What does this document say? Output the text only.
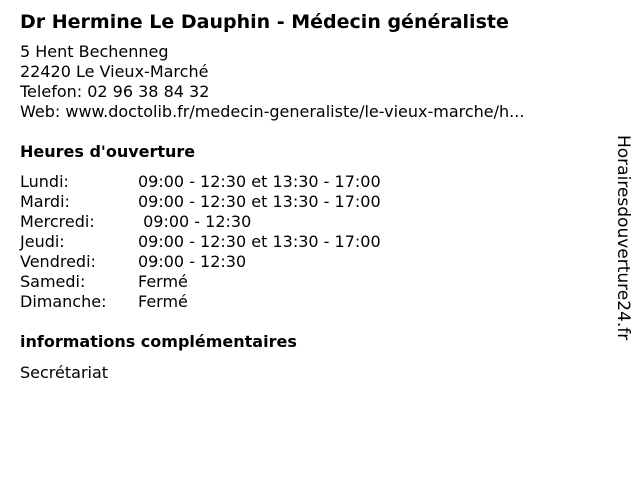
Dr Hermine Le Dauphin - Médecin généraliste
5 Hent Bechenneg
22420 Le Vieux-Marché
Telefon: 02 96 38 84 32
Web: www.doctolib.fr/medecin-generaliste/le-vieux-marche/h...
Heures d'ouverture
Lundi:	09:00 - 12:30 et 13:30 - 17:00
Mardi:	09:00 - 12:30 et 13:30 - 17:00
Mercredi:	09:00 - 12:30
Jeudi:	09:00 - 12:30 et 13:30 - 17:00
Vendredi:	09:00 - 12:30
Samedi:	Fermé
Dimanche:	Fermé
informations complémentaires
Secrétariat
Horairesdouverture24.fr
